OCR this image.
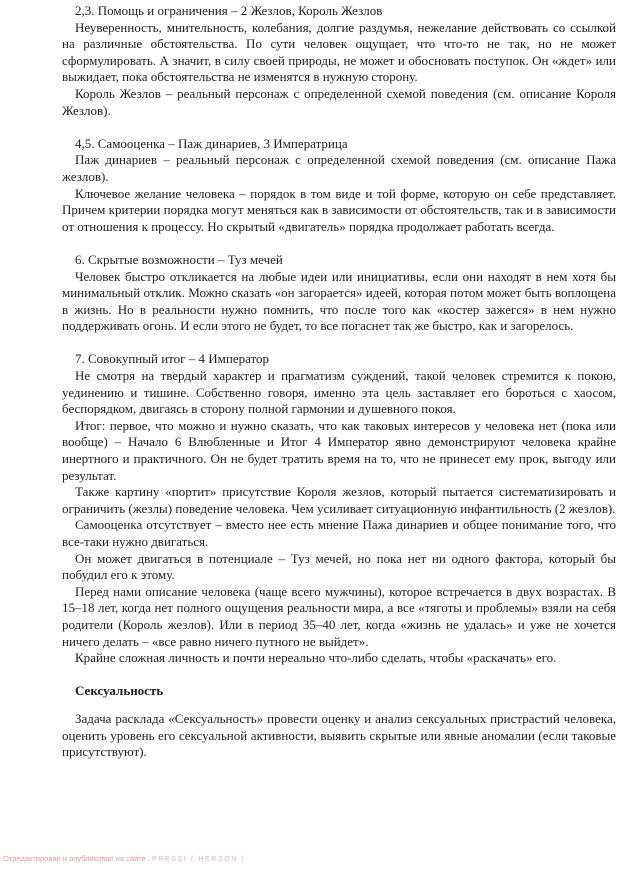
2,3. Помощь и ограничения – 2 Жезлов, Король Жезлов

Неуверенность, мнительность, колебания, долгие раздумья, нежелание действовать со ссылкой на различные обстоятельства. По сути человек ощущает, что что-то не так, но не может сформулировать. А значит, в силу своей природы, не может и обосновать поступок. Он «ждет» или выжидает, пока обстоятельства не изменятся в нужную сторону.

Король Жезлов – реальный персонаж с определенной схемой поведения (см. описание Короля Жезлов).

4,5. Самооценка – Паж динариев, 3 Императрица

Паж динариев – реальный персонаж с определенной схемой поведения (см. описание Пажа жезлов).

Ключевое желание человека – порядок в том виде и той форме, которую он себе представляет. Причем критерии порядка могут меняться как в зависимости от обстоятельств, так и в зависимости от отношения к процессу. Но скрытый «двигатель» порядка продолжает работать всегда.

6. Скрытые возможности – Туз мечей

Человек быстро откликается на любые идеи или инициативы, если они находят в нем хотя бы минимальный отклик. Можно сказать «он загорается» идеей, которая потом может быть воплощена в жизнь. Но в реальности нужно помнить, что после того как «костер зажегся» в нем нужно поддерживать огонь. И если этого не будет, то все погаснет так же быстро, как и загорелось.

7. Совокупный итог – 4 Император

Не смотря на твердый характер и прагматизм суждений, такой человек стремится к покою, уединению и тишине. Собственно говоря, именно эта цель заставляет его бороться с хаосом, беспорядком, двигаясь в сторону полной гармонии и душевного покоя.

Итог: первое, что можно и нужно сказать, что как таковых интересов у человека нет (пока или вообще) – Начало 6 Влюбленные и Итог 4 Император явно демонстрируют человека крайне инертного и практичного. Он не будет тратить время на то, что не принесет ему прок, выгоду или результат.

Также картину «портит» присутствие Короля жезлов, который пытается систематизировать и ограничить (жезлы) поведение человека. Чем усиливает ситуационную инфантильность (2 жезлов).

Самооценка отсутствует – вместо нее есть мнение Пажа динариев и общее понимание того, что все-таки нужно двигаться.

Он может двигаться в потенциале – Туз мечей, но пока нет ни одного фактора, который бы побудил его к этому.

Перед нами описание человека (чаще всего мужчины), которое встречается в двух возрастах. В 15–18 лет, когда нет полного ощущения реальности мира, а все «тяготы и проблемы» взяли на себя родители (Король жезлов). Или в период 35–40 лет, когда «жизнь не удалась» и уже не хочется ничего делать – «все равно ничего путного не выйдет».

Крайне сложная личность и почти нереально что-либо сделать, чтобы «раскачать» его.

Сексуальность

Задача расклада «Сексуальность» провести оценку и анализ сексуальных пристрастий человека, оценить уровень его сексуальной активности, выявить скрытые или явные аномалии (если таковые присутствуют).

Отредактировал и опубликовал на сайте : PRESSI ( HERSON )
